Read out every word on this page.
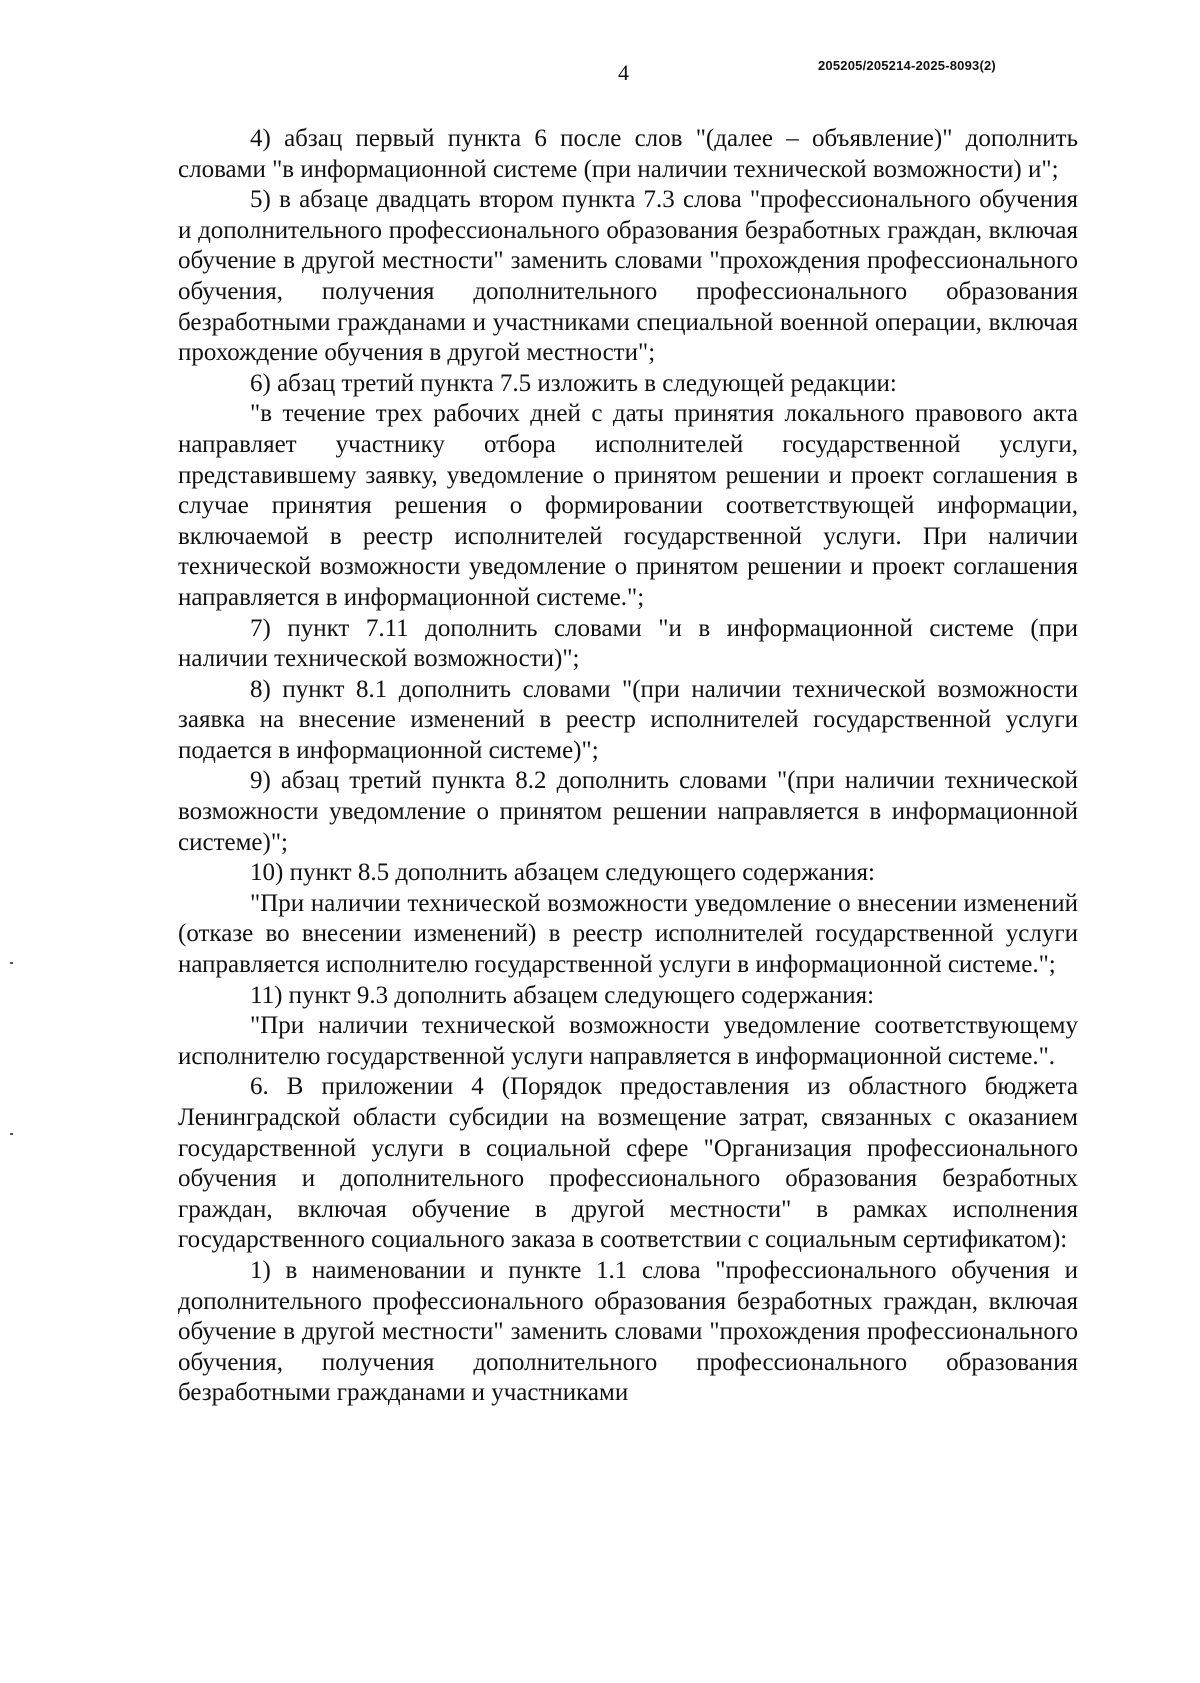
4	205205/205214-2025-8093(2)

4) абзац первый пункта 6 после слов "(далее – объявление)" дополнить словами "в информационной системе (при наличии технической возможности) и";

5) в абзаце двадцать втором пункта 7.3 слова "профессионального обучения и дополнительного профессионального образования безработных граждан, включая обучение в другой местности" заменить словами "прохождения профессионального обучения, получения дополнительного профессионального образования безработными гражданами и участниками специальной военной операции, включая прохождение обучения в другой местности";

6) абзац третий пункта 7.5 изложить в следующей редакции:

"в течение трех рабочих дней с даты принятия локального правового акта направляет участнику отбора исполнителей государственной услуги, представившему заявку, уведомление о принятом решении и проект соглашения в случае принятия решения о формировании соответствующей информации, включаемой в реестр исполнителей государственной услуги. При наличии технической возможности уведомление о принятом решении и проект соглашения направляется в информационной системе.";

7) пункт 7.11 дополнить словами "и в информационной системе (при наличии технической возможности)";

8) пункт 8.1 дополнить словами "(при наличии технической возможности заявка на внесение изменений в реестр исполнителей государственной услуги подается в информационной системе)";

9) абзац третий пункта 8.2 дополнить словами "(при наличии технической возможности уведомление о принятом решении направляется в информационной системе)";

10) пункт 8.5 дополнить абзацем следующего содержания:

"При наличии технической возможности уведомление о внесении изменений (отказе во внесении изменений) в реестр исполнителей государственной услуги направляется исполнителю государственной услуги в информационной системе.";

11) пункт 9.3 дополнить абзацем следующего содержания:

"При наличии технической возможности уведомление соответствующему исполнителю государственной услуги направляется в информационной системе.".

6. В приложении 4 (Порядок предоставления из областного бюджета Ленинградской области субсидии на возмещение затрат, связанных с оказанием государственной услуги в социальной сфере "Организация профессионального обучения и дополнительного профессионального образования безработных граждан, включая обучение в другой местности" в рамках исполнения государственного социального заказа в соответствии с социальным сертификатом):

1) в наименовании и пункте 1.1 слова "профессионального обучения и дополнительного профессионального образования безработных граждан, включая обучение в другой местности" заменить словами "прохождения профессионального обучения, получения дополнительного профессионального образования безработными гражданами и участниками
